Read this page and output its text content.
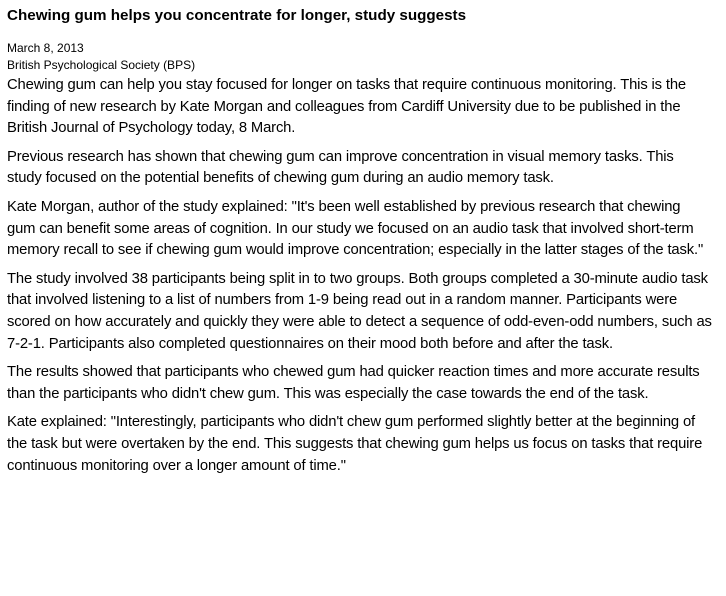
Chewing gum helps you concentrate for longer, study suggests

March 8, 2013

British Psychological Society (BPS)

Chewing gum can help you stay focused for longer on tasks that require continuous monitoring. This is the finding of new research by Kate Morgan and colleagues from Cardiff University due to be published in the British Journal of Psychology today, 8 March.

Previous research has shown that chewing gum can improve concentration in visual memory tasks. This study focused on the potential benefits of chewing gum during an audio memory task.

Kate Morgan, author of the study explained: "It's been well established by previous research that chewing gum can benefit some areas of cognition. In our study we focused on an audio task that involved short-term memory recall to see if chewing gum would improve concentration; especially in the latter stages of the task."

The study involved 38 participants being split in to two groups. Both groups completed a 30-minute audio task that involved listening to a list of numbers from 1-9 being read out in a random manner. Participants were scored on how accurately and quickly they were able to detect a sequence of odd-even-odd numbers, such as 7-2-1. Participants also completed questionnaires on their mood both before and after the task.

The results showed that participants who chewed gum had quicker reaction times and more accurate results than the participants who didn't chew gum. This was especially the case towards the end of the task.

Kate explained: "Interestingly, participants who didn't chew gum performed slightly better at the beginning of the task but were overtaken by the end. This suggests that chewing gum helps us focus on tasks that require continuous monitoring over a longer amount of time."
